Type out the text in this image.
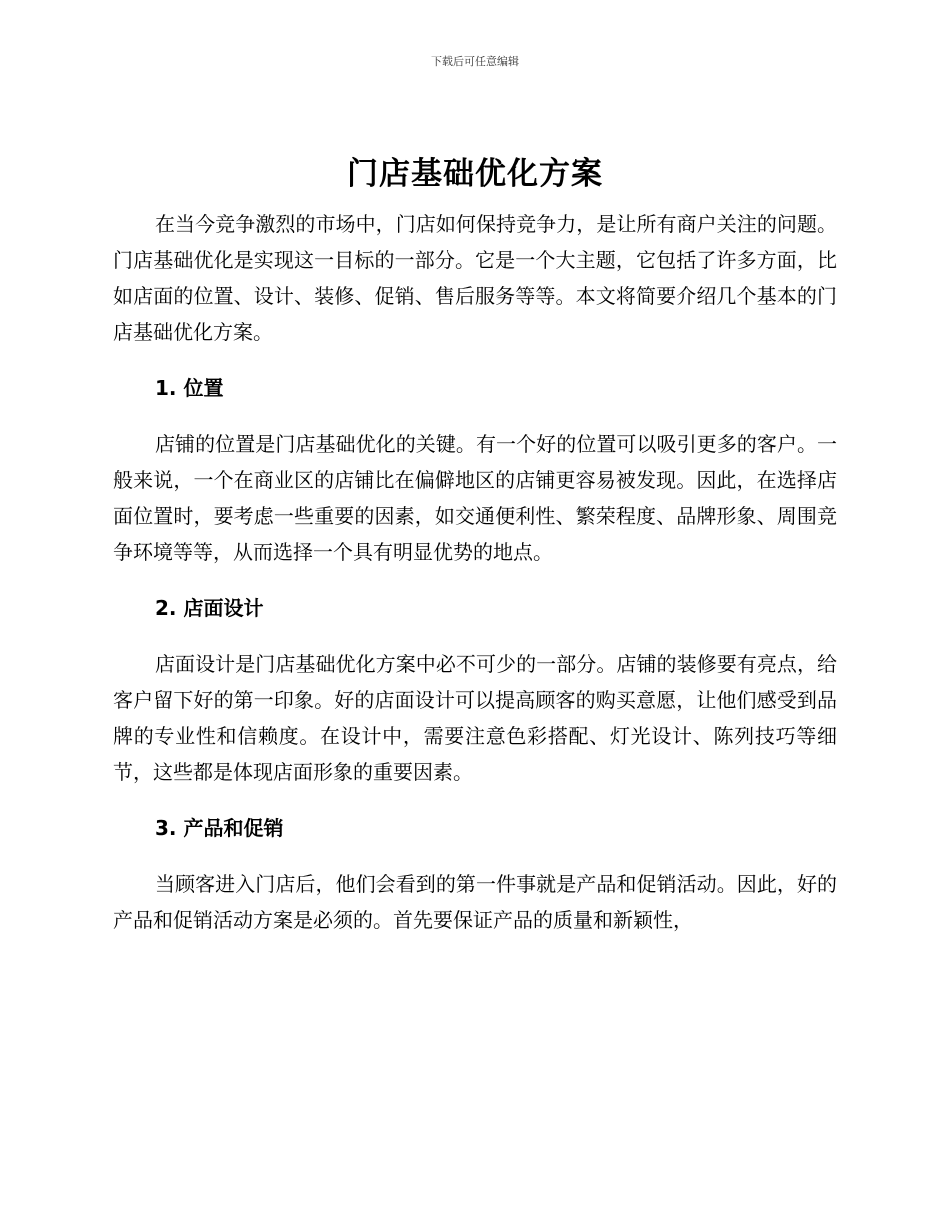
下载后可任意编辑
门店基础优化方案

在当今竞争激烈的市场中，门店如何保持竞争力，是让所有商户关注的问题。门店基础优化是实现这一目标的一部分。它是一个大主题，它包括了许多方面，比如店面的位置、设计、装修、促销、售后服务等等。本文将简要介绍几个基本的门店基础优化方案。

1. 位置

店铺的位置是门店基础优化的关键。有一个好的位置可以吸引更多的客户。一般来说，一个在商业区的店铺比在偏僻地区的店铺更容易被发现。因此，在选择店面位置时，要考虑一些重要的因素，如交通便利性、繁荣程度、品牌形象、周围竞争环境等等，从而选择一个具有明显优势的地点。

2. 店面设计

店面设计是门店基础优化方案中必不可少的一部分。店铺的装修要有亮点，给客户留下好的第一印象。好的店面设计可以提高顾客的购买意愿，让他们感受到品牌的专业性和信赖度。在设计中，需要注意色彩搭配、灯光设计、陈列技巧等细节，这些都是体现店面形象的重要因素。

3. 产品和促销

当顾客进入门店后，他们会看到的第一件事就是产品和促销活动。因此，好的产品和促销活动方案是必须的。首先要保证产品的质量和新颖性，
